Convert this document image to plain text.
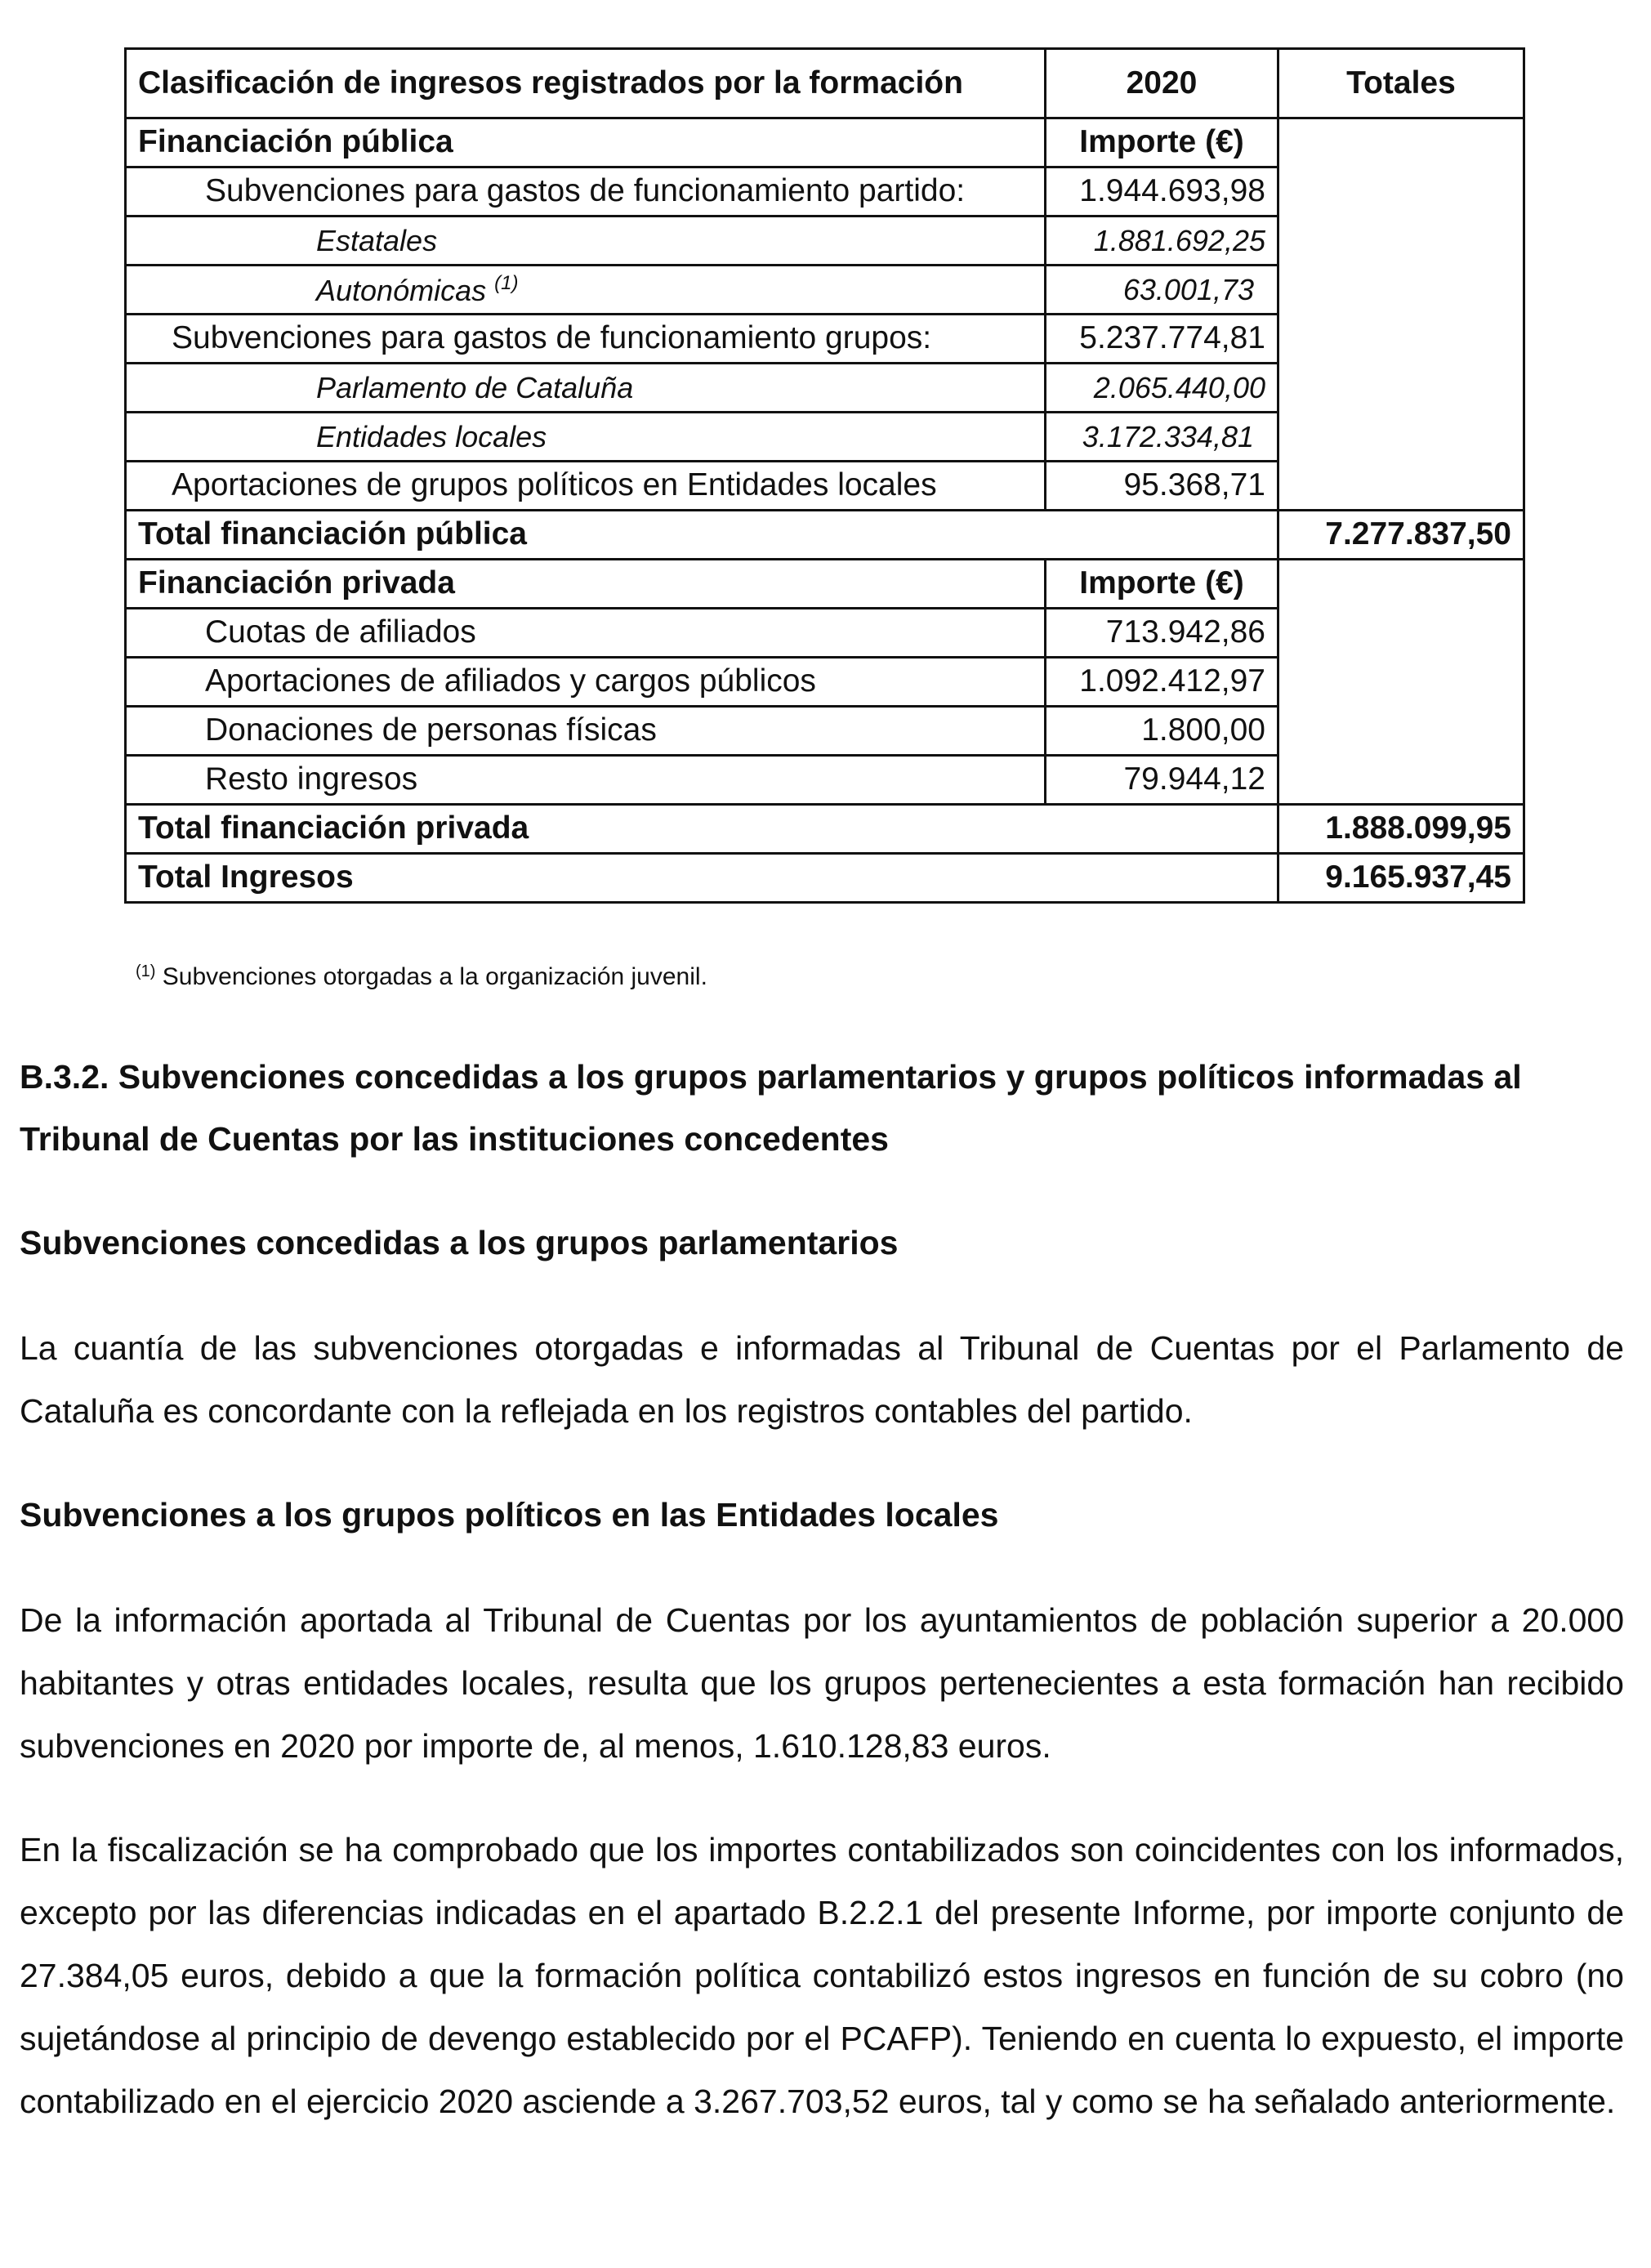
Clasificación de ingresos registrados por la formación	2020	Totales
Financiación pública	Importe (€)	
Subvenciones para gastos de funcionamiento partido:	1.944.693,98	
Estatales	1.881.692,25	
Autonómicas $^{(1)}$	63.001,73	
Subvenciones para gastos de funcionamiento grupos:	5.237.774,81	
Parlamento de Cataluña	2.065.440,00	
Entidades locales	3.172.334,81	
Aportaciones de grupos políticos en Entidades locales	95.368,71	
Total financiación pública		7.277.837,50
Financiación privada	Importe (€)	
Cuotas de afiliados	713.942,86	
Aportaciones de afiliados y cargos públicos	1.092.412,97	
Donaciones de personas físicas	1.800,00	
Resto ingresos	79.944,12	
Total financiación privada		1.888.099,95
Total Ingresos		9.165.937,45
$^{(1)}$ Subvenciones otorgadas a la organización juvenil.

B.3.2. Subvenciones concedidas a los grupos parlamentarios y grupos políticos informadas al Tribunal de Cuentas por las instituciones concedentes

Subvenciones concedidas a los grupos parlamentarios

La cuantía de las subvenciones otorgadas e informadas al Tribunal de Cuentas por el Parlamento de Cataluña es concordante con la reflejada en los registros contables del partido.

Subvenciones a los grupos políticos en las Entidades locales

De la información aportada al Tribunal de Cuentas por los ayuntamientos de población superior a 20.000 habitantes y otras entidades locales, resulta que los grupos pertenecientes a esta formación han recibido subvenciones en 2020 por importe de, al menos, 1.610.128,83 euros.

En la fiscalización se ha comprobado que los importes contabilizados son coincidentes con los informados, excepto por las diferencias indicadas en el apartado B.2.2.1 del presente Informe, por importe conjunto de 27.384,05 euros, debido a que la formación política contabilizó estos ingresos en función de su cobro (no sujetándose al principio de devengo establecido por el PCAFP). Teniendo en cuenta lo expuesto, el importe contabilizado en el ejercicio 2020 asciende a 3.267.703,52 euros, tal y como se ha señalado anteriormente.
